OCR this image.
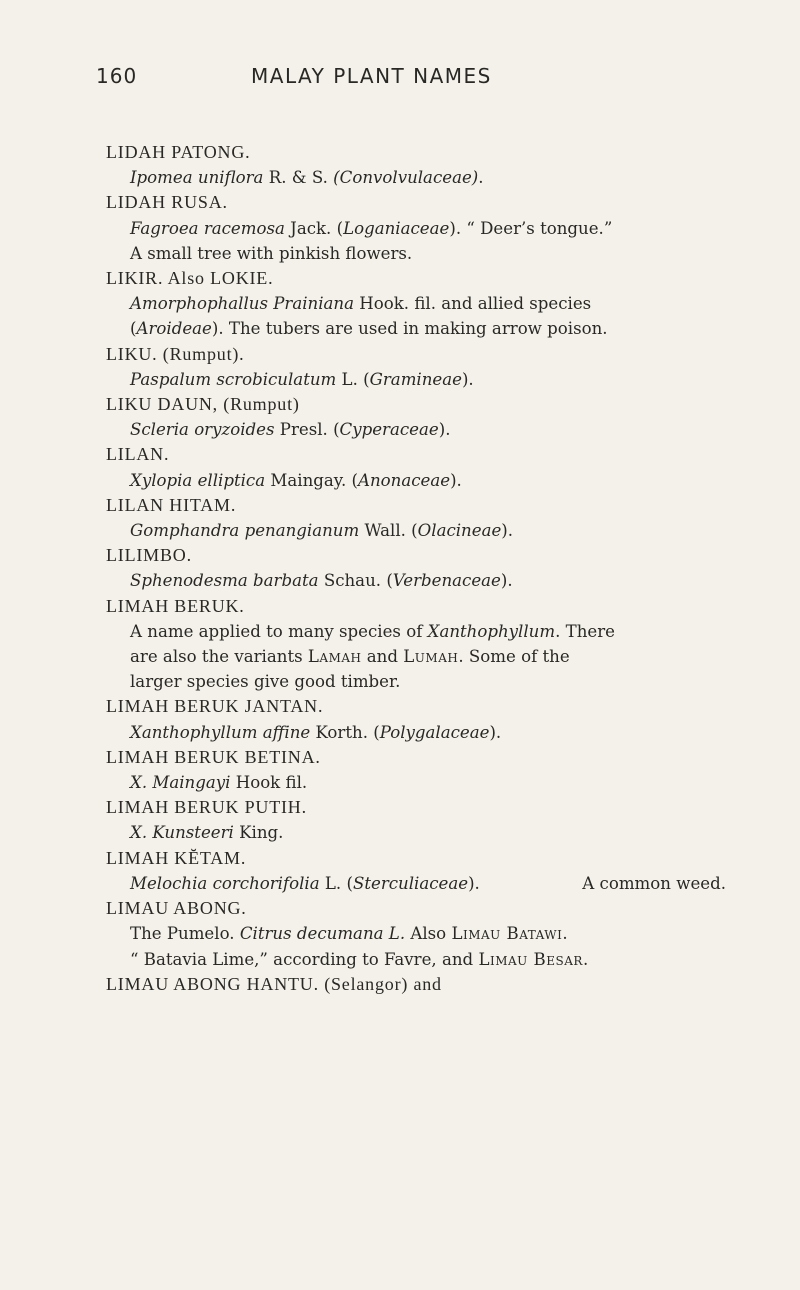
160	MALAY PLANT NAMES
LIDAH PATONG.
Ipomea uniflora R. & S. (Convolvulaceae).
LIDAH RUSA.
Fagroea racemosa Jack. (Loganiaceae). “ Deer’s tongue.”
A small tree with pinkish flowers.
LIKIR. Also LOKIE.
Amorphophallus Prainiana Hook. fil. and allied species
(Aroideae). The tubers are used in making arrow poison.
LIKU. (Rumput).
Paspalum scrobiculatum L. (Gramineae).
LIKU DAUN, (Rumput)
Scleria oryzoides Presl. (Cyperaceae).
LILAN.
Xylopia elliptica Maingay. (Anonaceae).
LILAN HITAM.
Gomphandra penangianum Wall. (Olacineae).
LILIMBO.
Sphenodesma barbata Schau. (Verbenaceae).
LIMAH BERUK.
A name applied to many species of Xanthophyllum. There
are also the variants Lamah and Lumah. Some of the
larger species give good timber.
LIMAH BERUK JANTAN.
Xanthophyllum affine Korth. (Polygalaceae).
LIMAH BERUK BETINA.
X. Maingayi Hook fil.
LIMAH BERUK PUTIH.
X. Kunsteeri King.
LIMAH KĔTAM.
Melochia corchorifolia L. (Sterculiaceae).	A common weed.
LIMAU ABONG.
The Pumelo. Citrus decumana L. Also Limau Batawi.
“ Batavia Lime,” according to Favre, and Limau Besar.
LIMAU ABONG HANTU. (Selangor) and
